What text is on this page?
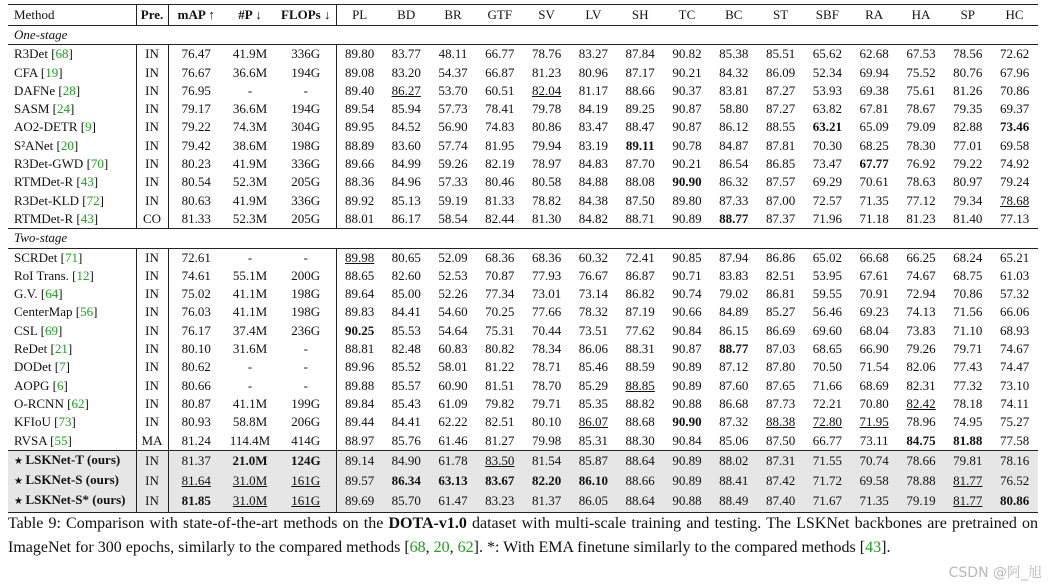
Method	Pre.	mAP ↑	#P ↓	FLOPs ↓	PL	BD	BR	GTF	SV	LV	SH	TC	BC	ST	SBF	RA	HA	SP	HC
One-stage																			
R3Det [68]	IN	76.47	41.9M	336G	89.80	83.77	48.11	66.77	78.76	83.27	87.84	90.82	85.38	85.51	65.62	62.68	67.53	78.56	72.62
CFA [19]	IN	76.67	36.6M	194G	89.08	83.20	54.37	66.87	81.23	80.96	87.17	90.21	84.32	86.09	52.34	69.94	75.52	80.76	67.96
DAFNe [28]	IN	76.95	-	-	89.40	86.27	53.70	60.51	82.04	81.17	88.66	90.37	83.81	87.27	53.93	69.38	75.61	81.26	70.86
SASM [24]	IN	79.17	36.6M	194G	89.54	85.94	57.73	78.41	79.78	84.19	89.25	90.87	58.80	87.27	63.82	67.81	78.67	79.35	69.37
AO2-DETR [9]	IN	79.22	74.3M	304G	89.95	84.52	56.90	74.83	80.86	83.47	88.47	90.87	86.12	88.55	63.21	65.09	79.09	82.88	73.46
S²ANet [20]	IN	79.42	38.6M	198G	88.89	83.60	57.74	81.95	79.94	83.19	89.11	90.78	84.87	87.81	70.30	68.25	78.30	77.01	69.58
R3Det-GWD [70]	IN	80.23	41.9M	336G	89.66	84.99	59.26	82.19	78.97	84.83	87.70	90.21	86.54	86.85	73.47	67.77	76.92	79.22	74.92
RTMDet-R [43]	IN	80.54	52.3M	205G	88.36	84.96	57.33	80.46	80.58	84.88	88.08	90.90	86.32	87.57	69.29	70.61	78.63	80.97	79.24
R3Det-KLD [72]	IN	80.63	41.9M	336G	89.92	85.13	59.19	81.33	78.82	84.38	87.50	89.80	87.33	87.00	72.57	71.35	77.12	79.34	78.68
RTMDet-R [43]	CO	81.33	52.3M	205G	88.01	86.17	58.54	82.44	81.30	84.82	88.71	90.89	88.77	87.37	71.96	71.18	81.23	81.40	77.13
Two-stage																			
SCRDet [71]	IN	72.61	-	-	89.98	80.65	52.09	68.36	68.36	60.32	72.41	90.85	87.94	86.86	65.02	66.68	66.25	68.24	65.21
RoI Trans. [12]	IN	74.61	55.1M	200G	88.65	82.60	52.53	70.87	77.93	76.67	86.87	90.71	83.83	82.51	53.95	67.61	74.67	68.75	61.03
G.V. [64]	IN	75.02	41.1M	198G	89.64	85.00	52.26	77.34	73.01	73.14	86.82	90.74	79.02	86.81	59.55	70.91	72.94	70.86	57.32
CenterMap [56]	IN	76.03	41.1M	198G	89.83	84.41	54.60	70.25	77.66	78.32	87.19	90.66	84.89	85.27	56.46	69.23	74.13	71.56	66.06
CSL [69]	IN	76.17	37.4M	236G	90.25	85.53	54.64	75.31	70.44	73.51	77.62	90.84	86.15	86.69	69.60	68.04	73.83	71.10	68.93
ReDet [21]	IN	80.10	31.6M	-	88.81	82.48	60.83	80.82	78.34	86.06	88.31	90.87	88.77	87.03	68.65	66.90	79.26	79.71	74.67
DODet [7]	IN	80.62	-	-	89.96	85.52	58.01	81.22	78.71	85.46	88.59	90.89	87.12	87.80	70.50	71.54	82.06	77.43	74.47
AOPG [6]	IN	80.66	-	-	89.88	85.57	60.90	81.51	78.70	85.29	88.85	90.89	87.60	87.65	71.66	68.69	82.31	77.32	73.10
O-RCNN [62]	IN	80.87	41.1M	199G	89.84	85.43	61.09	79.82	79.71	85.35	88.82	90.88	86.68	87.73	72.21	70.80	82.42	78.18	74.11
KFIoU [73]	IN	80.93	58.8M	206G	89.44	84.41	62.22	82.51	80.10	86.07	88.68	90.90	87.32	88.38	72.80	71.95	78.96	74.95	75.27
RVSA [55]	MA	81.24	114.4M	414G	88.97	85.76	61.46	81.27	79.98	85.31	88.30	90.84	85.06	87.50	66.77	73.11	84.75	81.88	77.58
★ LSKNet-T (ours)	IN	81.37	21.0M	124G	89.14	84.90	61.78	83.50	81.54	85.87	88.64	90.89	88.02	87.31	71.55	70.74	78.66	79.81	78.16
★ LSKNet-S (ours)	IN	81.64	31.0M	161G	89.57	86.34	63.13	83.67	82.20	86.10	88.66	90.89	88.41	87.42	71.72	69.58	78.88	81.77	76.52
★ LSKNet-S* (ours)	IN	81.85	31.0M	161G	89.69	85.70	61.47	83.23	81.37	86.05	88.64	90.88	88.49	87.40	71.67	71.35	79.19	81.77	80.86
Table 9: Comparison with state-of-the-art methods on the DOTA-v1.0 dataset with multi-scale training and testing. The LSKNet backbones are pretrained on ImageNet for 300 epochs, similarly to the compared methods [68, 20, 62]. *: With EMA finetune similarly to the compared methods [43].
CSDN @阿_旭
